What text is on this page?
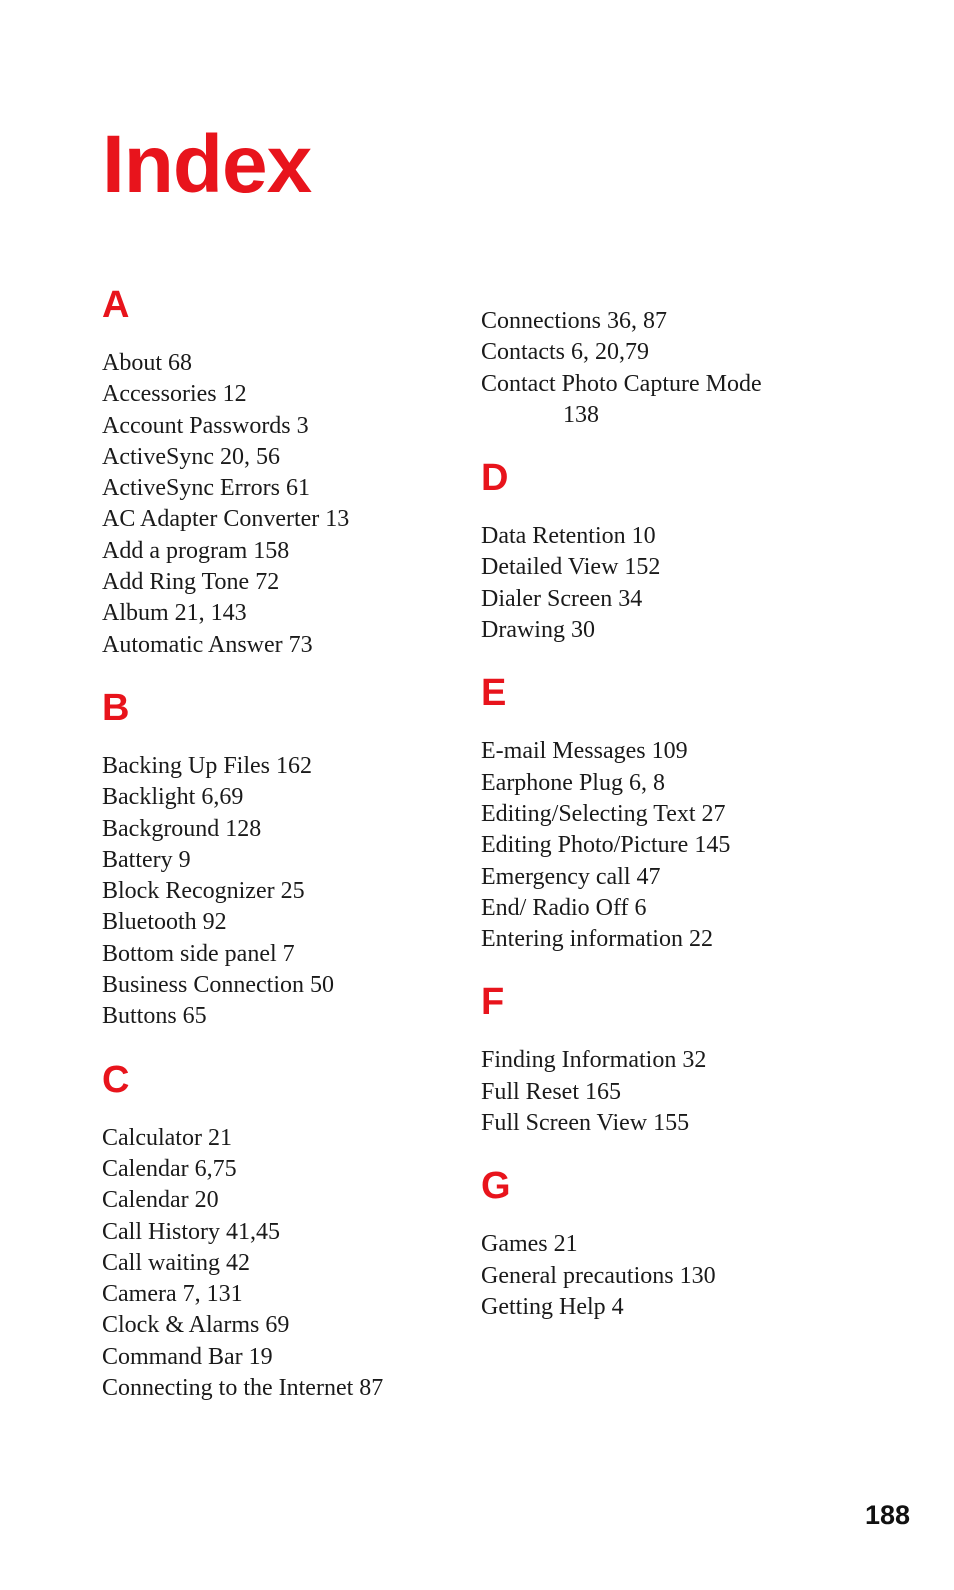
Index
A
About 68
Accessories 12
Account Passwords 3
ActiveSync 20, 56
ActiveSync Errors 61
AC Adapter Converter 13
Add a program 158
Add Ring Tone 72
Album 21, 143
Automatic Answer 73
B
Backing Up Files 162
Backlight 6,69
Background 128
Battery 9
Block Recognizer 25
Bluetooth 92
Bottom side panel 7
Business Connection 50
Buttons 65
C
Calculator 21
Calendar 6,75
Calendar 20
Call History 41,45
Call waiting 42
Camera 7, 131
Clock & Alarms 69
Command Bar 19
Connecting to the Internet 87
Connections 36, 87
Contacts 6, 20,79
Contact Photo Capture Mode
138
D
Data Retention 10
Detailed View 152
Dialer Screen 34
Drawing 30
E
E-mail Messages 109
Earphone Plug 6, 8
Editing/Selecting Text 27
Editing Photo/Picture 145
Emergency call 47
End/ Radio Off 6
Entering information 22
F
Finding Information 32
Full Reset 165
Full Screen View 155
G
Games 21
General precautions 130
Getting Help 4
188
